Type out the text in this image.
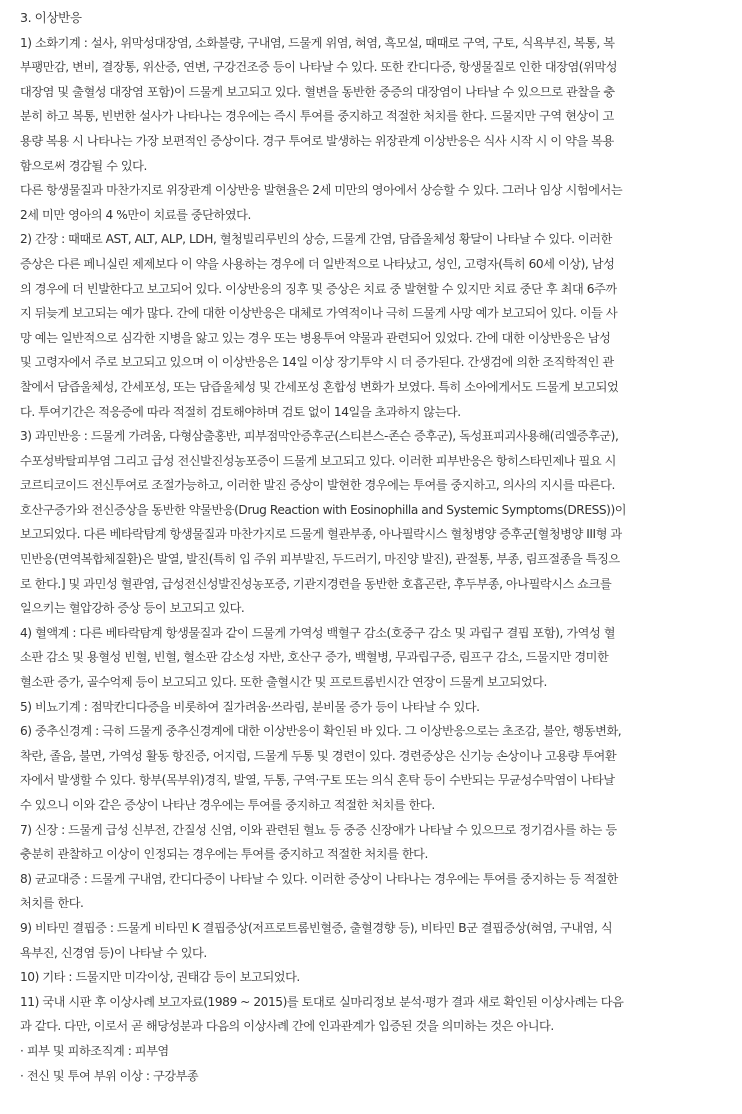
3. 이상반응
1) 소화기계 : 설사, 위막성대장염, 소화불량, 구내염, 드물게 위염, 혀염, 흑모설, 때때로 구역, 구토, 식욕부진, 복통, 복
부팽만감, 변비, 결장통, 위산증, 연변, 구강건조증 등이 나타날 수 있다. 또한 칸디다증, 항생물질로 인한 대장염(위막성
대장염 및 출혈성 대장염 포함)이 드물게 보고되고 있다. 혈변을 동반한 중증의 대장염이 나타날 수 있으므로 관찰을 충
분히 하고 복통, 빈번한 설사가 나타나는 경우에는 즉시 투여를 중지하고 적절한 처치를 한다. 드물지만 구역 현상이 고
용량 복용 시 나타나는 가장 보편적인 증상이다. 경구 투여로 발생하는 위장관계 이상반응은 식사 시작 시 이 약을 복용
함으로써 경감될 수 있다.
다른 항생물질과 마찬가지로 위장관계 이상반응 발현율은 2세 미만의 영아에서 상승할 수 있다. 그러나 임상 시험에서는
2세 미만 영아의 4 %만이 치료를 중단하였다.
2) 간장 : 때때로 AST, ALT, ALP, LDH, 혈청빌리루빈의 상승, 드물게 간염, 담즙울체성 황달이 나타날 수 있다. 이러한
증상은 다른 페니실린 제제보다 이 약을 사용하는 경우에 더 일반적으로 나타났고, 성인, 고령자(특히 60세 이상), 남성
의 경우에 더 빈발한다고 보고되어 있다. 이상반응의 징후 및 증상은 치료 중 발현할 수 있지만 치료 중단 후 최대 6주까
지 뒤늦게 보고되는 예가 많다. 간에 대한 이상반응은 대체로 가역적이나 극히 드물게 사망 예가 보고되어 있다. 이들 사
망 예는 일반적으로 심각한 지병을 앓고 있는 경우 또는 병용투여 약물과 관련되어 있었다. 간에 대한 이상반응은 남성
및 고령자에서 주로 보고되고 있으며 이 이상반응은 14일 이상 장기투약 시 더 증가된다. 간생검에 의한 조직학적인 관
찰에서 담즙울체성, 간세포성, 또는 담즙울체성 및 간세포성 혼합성 변화가 보였다. 특히 소아에게서도 드물게 보고되었
다. 투여기간은 적응증에 따라 적절히 검토해야하며 검토 없이 14일을 초과하지 않는다.
3) 과민반응 : 드물게 가려움, 다형삼출홍반, 피부점막안증후군(스티븐스-존슨 증후군), 독성표피괴사용해(리엘증후군),
수포성박탈피부염 그리고 급성 전신발진성농포증이 드물게 보고되고 있다. 이러한 피부반응은 항히스타민제나 필요 시
코르티코이드 전신투여로 조절가능하고, 이러한 발진 증상이 발현한 경우에는 투여를 중지하고, 의사의 지시를 따른다.
호산구증가와 전신증상을 동반한 약물반응(Drug Reaction with Eosinophilla and Systemic Symptoms(DRESS))이
보고되었다. 다른 베타락탐계 항생물질과 마찬가지로 드물게 혈관부종, 아나필락시스 혈청병양 증후군[혈청병양 III형 과
민반응(면역복합체질환)은 발열, 발진(특히 입 주위 피부발진, 두드러기, 마진양 발진), 관절통, 부종, 림프절종을 특징으
로 한다.] 및 과민성 혈관염, 급성전신성발진성농포증, 기관지경련을 동반한 호흡곤란, 후두부종, 아나필락시스 쇼크를
일으키는 혈압강하 증상 등이 보고되고 있다.
4) 혈액계 : 다른 베타락탐계 항생물질과 같이 드물게 가역성 백혈구 감소(호중구 감소 및 과립구 결핍 포함), 가역성 혈
소판 감소 및 용혈성 빈혈, 빈혈, 혈소판 감소성 자반, 호산구 증가, 백혈병, 무과립구증, 림프구 감소, 드물지만 경미한
혈소판 증가, 골수억제 등이 보고되고 있다. 또한 출혈시간 및 프로트롬빈시간 연장이 드물게 보고되었다.
5) 비뇨기계 : 점막칸디다증을 비롯하여 질가려움·쓰라림, 분비물 증가 등이 나타날 수 있다.
6) 중추신경계 : 극히 드물게 중추신경계에 대한 이상반응이 확인된 바 있다. 그 이상반응으로는 초조감, 불안, 행동변화,
착란, 졸음, 불면, 가역성 활동 항진증, 어지럼, 드물게 두통 및 경련이 있다. 경련증상은 신기능 손상이나 고용량 투여환
자에서 발생할 수 있다. 항부(목부위)경직, 발열, 두통, 구역·구토 또는 의식 혼탁 등이 수반되는 무균성수막염이 나타날
수 있으니 이와 같은 증상이 나타난 경우에는 투여를 중지하고 적절한 처치를 한다.
7) 신장 : 드물게 급성 신부전, 간질성 신염, 이와 관련된 혈뇨 등 중증 신장애가 나타날 수 있으므로 정기검사를 하는 등
충분히 관찰하고 이상이 인정되는 경우에는 투여를 중지하고 적절한 처치를 한다.
8) 균교대증 : 드물게 구내염, 칸디다증이 나타날 수 있다. 이러한 증상이 나타나는 경우에는 투여를 중지하는 등 적절한
처치를 한다.
9) 비타민 결핍증 : 드물게 비타민 K 결핍증상(저프로트롬빈혈증, 출혈경향 등), 비타민 B군 결핍증상(혀염, 구내염, 식
욕부진, 신경염 등)이 나타날 수 있다.
10) 기타 : 드물지만 미각이상, 권태감 등이 보고되었다.
11) 국내 시판 후 이상사례 보고자료(1989 ~ 2015)를 토대로 실마리정보 분석·평가 결과 새로 확인된 이상사례는 다음
과 같다. 다만, 이로서 곧 해당성분과 다음의 이상사례 간에 인과관계가 입증된 것을 의미하는 것은 아니다.
· 피부 및 피하조직계 : 피부염
· 전신 및 투여 부위 이상 : 구강부종
